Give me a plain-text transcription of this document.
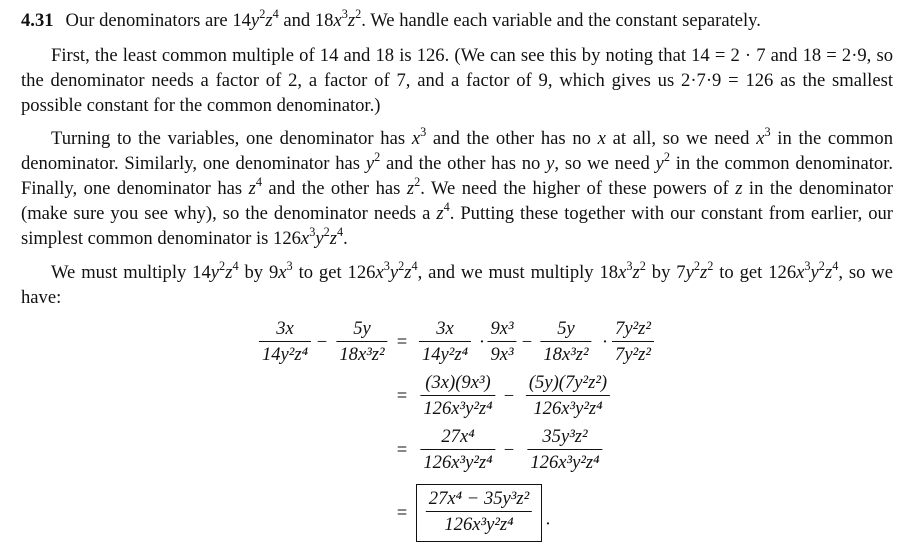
4.31 Our denominators are $14y^2z^4$ and $18x^3z^2$. We handle each variable and the constant separately.

First, the least common multiple of 14 and 18 is 126. (We can see this by noting that 14 = 2 · 7 and 18 = 2·9, so the denominator needs a factor of 2, a factor of 7, and a factor of 9, which gives us 2·7·9 = 126 as the smallest possible constant for the common denominator.)

Turning to the variables, one denominator has $x^3$ and the other has no x at all, so we need $x^3$ in the common denominator. Similarly, one denominator has $y^2$ and the other has no y, so we need $y^2$ in the common denominator. Finally, one denominator has $z^4$ and the other has $z^2$. We need the higher of these powers of z in the denominator (make sure you see why), so the denominator needs a $z^4$. Putting these together with our constant from earlier, our simplest common denominator is $126x^3y^2z^4$.

We must multiply $14y^2z^4$ by $9x^3$ to get $126x^3y^2z^4$, and we must multiply $18x^3z^2$ by $7y^2z^2$ to get $126x^3y^2z^4$, so we have:

3x
14y²z⁴
−
5y
18x³z²
=
3x
14y²z⁴
·
9x³
9x³
−
5y
18x³z²
·
7y²z²
7y²z²
=
(3x)(9x³)
126x³y²z⁴
−
(5y)(7y²z²)
126x³y²z⁴
=
27x⁴
126x³y²z⁴
−
35y³z²
126x³y²z⁴
=
27x⁴ − 35y³z²
126x³y²z⁴ .
